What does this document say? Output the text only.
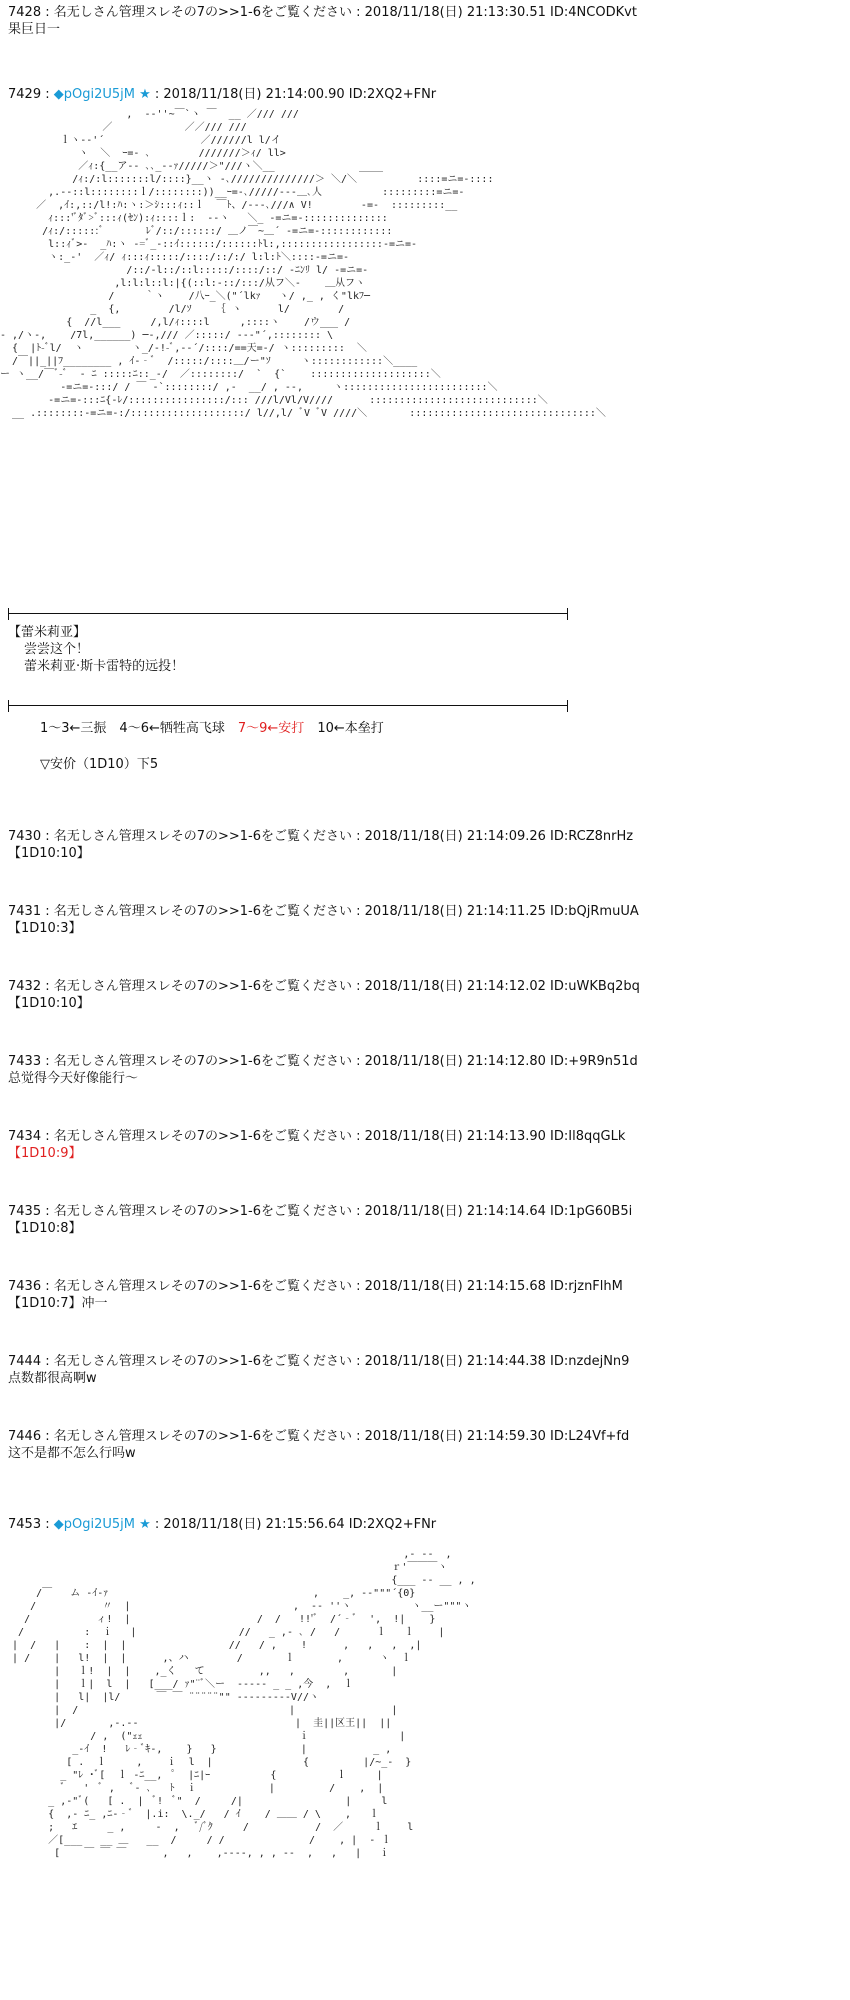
7428 : 名无しさん管理スレその7の>>1-6をご覧ください : 2018/11/18(日) 21:13:30.51 ID:4NCODKvt
果巨日一
7429 : ◆pOgi2U5jM ★ : 2018/11/18(日) 21:14:00.90 ID:2XQ2+FNr
,  -‐''~￣`ヽ ￣  __ ／/// ///
／            ／／/// ///
ｌヽ‐-'´                ／//////l l/イ
ヽ  ＼  ｰ=- ､        ///////＞ｨ/ ll>
／ｨ:{__ア-‐ ､､_‐-ｧ/////＞"///ヽ＼__              ____
/ｨ:/:l:::::::l/::::}__ヽ -､//////////////＞ ＼/＼          ::::=ニ=-::::
,.-‐::l::::::::ｌ/::::::::))__ｰ=-､/////‐‐-＿､人          :::::::::=ニ=-
／  ,ｲ:,::/l!:ﾊ:ヽ:＞ｼ:::ｨ::ｌ  ￣ﾄ、/‐‐-､///∧ V!        -=-  :::::::::__
ｨ:::'ﾞﾀﾞ>ﾞ:::ｨ(ｾﾝ):ｨ::::ｌ:  ‐‐ヽ   ＼_ -=ニ=-::::::::::::::
/ｨ:/::::::ﾞ       ﾚﾞ/::/::::::/ ＿ノ￣~＿´ -=ニ=-::::::::::::
l::ｨﾞ>-  _ﾊ:ヽ -=ﾞ_-::ｲ::::::/::::::ﾄl:,:::::::::::::::::-=ニ=-
ヽ:_-'  ／ｨ/ ｨ:::ｨ:::::/::::/::/:/ l:l:ﾄ＼::::-=ニ=-
/::/-l::/::l:::::/::::/::/ ‐ﾆﾝﾘ l/ ‐=ニ=-
,l:l:l::l:|{(::l:-::/:::/从フ＼-    ＿从フヽ
/     ｀ヽ    /八ｰ_＼("´lkｧ   ヽ/ ,_ , く"lkﾌ─
_  {,        /l/ｿ    ｛ ヽ      l/        /
{  //l___     /,l/ｨ::::l     ,::::ヽ    /ウ___ /
- ,/ヽ-,    /7l,______) ─-,/// ／:::::/ ‐-‐"´,:::::::: \
{  |ﾄ-ﾞl/  ヽ        ヽ_/-!-ﾞ,-‐´/::::/==天=-/ ヽ:::::::::  ＼
/￣||_||ﾌ________ , ｲ-‐ﾞ  /:::::/::::＿/ー"ｿ     ヽ::::::::::::＼____
ー ヽ__/￣ﾞ-ﾞ  ‐ ﾆ :::::ﾆ::_-/  ／::::::::/  `  {`    ::::::::::::::::::::＼
-=ニ=-:::/ / ￣ ‐`::::::::/ ,-  __/ , --,     ヽ::::::::::::::::::::::::＼
-=ニ=-:::ﾆ{-ﾚ/::::::::::::::::/::: ///l/Vl/V////      ::::::::::::::::::::::::::::＼
__ .::::::::-=ニ=-:/:::::::::::::::::::/ l//,l/ ﾞV ﾞV ////＼       :::::::::::::::::::::::::::::::＼
【蕾米莉亚】
尝尝这个！
蕾米莉亚·斯卡雷特的远投！
1～3←三振　4～6←牺牲高飞球　7～9←安打　10←本垒打
▽安价（1D10）下5
7430 : 名无しさん管理スレその7の>>1-6をご覧ください : 2018/11/18(日) 21:14:09.26 ID:RCZ8nrHz
【1D10:10】
7431 : 名无しさん管理スレその7の>>1-6をご覧ください : 2018/11/18(日) 21:14:11.25 ID:bQjRmuUA
【1D10:3】
7432 : 名无しさん管理スレその7の>>1-6をご覧ください : 2018/11/18(日) 21:14:12.02 ID:uWKBq2bq
【1D10:10】
7433 : 名无しさん管理スレその7の>>1-6をご覧ください : 2018/11/18(日) 21:14:12.80 ID:+9R9n51d
总觉得今天好像能行～
7434 : 名无しさん管理スレその7の>>1-6をご覧ください : 2018/11/18(日) 21:14:13.90 ID:Il8qqGLk
【1D10:9】
7435 : 名无しさん管理スレその7の>>1-6をご覧ください : 2018/11/18(日) 21:14:14.64 ID:1pG60B5i
【1D10:8】
7436 : 名无しさん管理スレその7の>>1-6をご覧ください : 2018/11/18(日) 21:14:15.68 ID:rjznFlhM
【1D10:7】冲一
7444 : 名无しさん管理スレその7の>>1-6をご覧ください : 2018/11/18(日) 21:14:44.38 ID:nzdejNn9
点数都很高啊w
7446 : 名无しさん管理スレその7の>>1-6をご覧ください : 2018/11/18(日) 21:14:59.30 ID:L24Vf+fd
这不是都不怎么行吗w
7453 : ◆pOgi2U5jM ★ : 2018/11/18(日) 21:15:56.64 ID:2XQ2+FNr
,‐ -‐  ,
ｒ'￣￣￣ヽ
{___ -- __ , ,
/￣   ム -ｲ-ｧ                                  ,    _, -‐"""´{0}
/           〃  |                           ,  -‐ ''ヽ          ヽ__ー"""ヽ
/           ィ!  |                     /  /   !!'ﾞ  /´‐ﾞ  ',  !|    }
/          :  ｉ   |                 //   _ ,‐ ､ /   /      ｌ   ｌ    |
|  /   |    :  |  |                 //   / ,    !      ,   ,   ,  ,|
| /    |   l!  |  |      ,、ハ        /       ｌ       ,      ヽ  ｌ
|   ｌ!  |  |    ,_く   て         ,,   ,        ,       |
|   ｌ|  l  |   [___/ ｧ"¨ﾞ＼ー  -‐‐‐‐ _ _ ,今  ,  ｌ
|   l|  |l/      ￣ ￣ ¨¨¨¨¨"" ‐‐‐‐‐‐‐‐-V//ヽ
|  /                                   |                |
|/       ,‐.‐-                          |  圭||区王||  ||
/ ,  ("ｪｪ                          ｉ               |
_-ｲ  !   ﾚ‐ﾞｷ‐,    }   }              |           _ ,
[ .  ｌ     ,    ｉ  l  |               {         |/~_-  }
_ "ﾚ ･ﾞ[  ｌ ‐ﾆ__,  ﾟ  |ﾆ|ｰ          {          ｌ     |
ﾞ   '  ﾞ ,   ﾞ- ､   ﾄ  ｉ            |         /    ,  |
_ ,-"ﾞ(   [ .  |  ﾞ!  ﾞ"  /     /|                 |     l
{  ,‐ ﾆ_ ,ﾆ-‐ﾞ  |.i:  \._/   / ｲ    / ＿＿ / \    ,   ｌ
;   ｴ     _ ,     ‐  ,   ﾞ/ﾞｸ     /           /  ／     ｌ    l
／[___   __ ＿   __  /     / /              /    , |  ‐ ｌ
[    ￣ ￣ ￣      ,   ,    ,‐‐‐‐, , , ‐‐  ,   ,   |   ｉ
